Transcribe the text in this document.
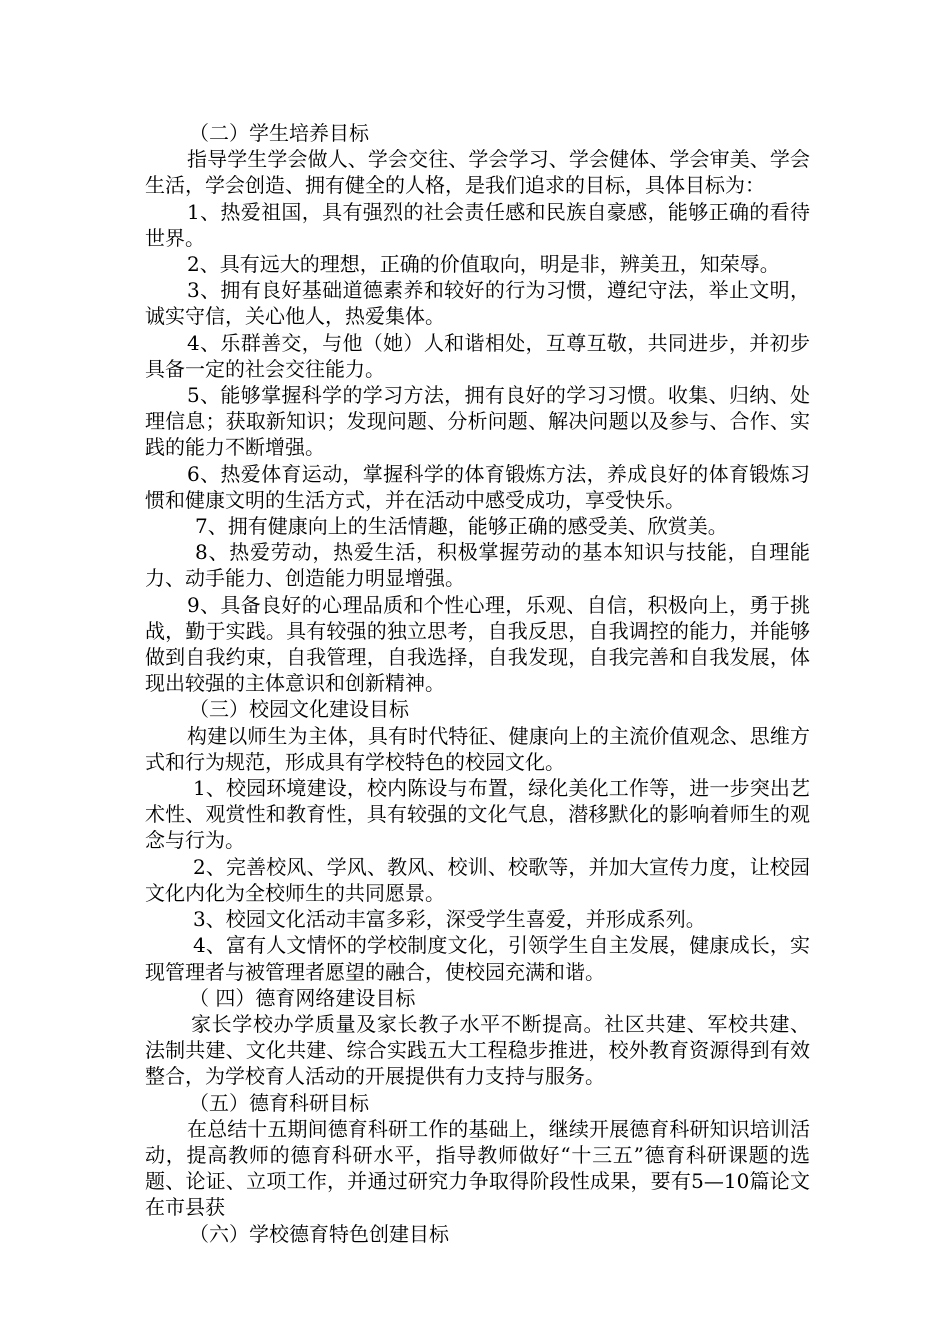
（二）学生培养目标

指导学生学会做人、学会交往、学会学习、学会健体、学会审美、学会生活，学会创造、拥有健全的人格，是我们追求的目标，具体目标为：

1、热爱祖国，具有强烈的社会责任感和民族自豪感，能够正确的看待世界。

2、具有远大的理想，正确的价值取向，明是非，辨美丑，知荣辱。

3、拥有良好基础道德素养和较好的行为习惯，遵纪守法，举止文明，诚实守信，关心他人，热爱集体。

4、乐群善交，与他（她）人和谐相处，互尊互敬，共同进步，并初步具备一定的社会交往能力。

5、能够掌握科学的学习方法，拥有良好的学习习惯。收集、归纳、处理信息；获取新知识；发现问题、分析问题、解决问题以及参与、合作、实践的能力不断增强。

6、热爱体育运动，掌握科学的体育锻炼方法，养成良好的体育锻炼习惯和健康文明的生活方式，并在活动中感受成功，享受快乐。

7、拥有健康向上的生活情趣，能够正确的感受美、欣赏美。

8、热爱劳动，热爱生活，积极掌握劳动的基本知识与技能，自理能力、动手能力、创造能力明显增强。

9、具备良好的心理品质和个性心理，乐观、自信，积极向上，勇于挑战，勤于实践。具有较强的独立思考，自我反思，自我调控的能力，并能够做到自我约束，自我管理，自我选择，自我发现，自我完善和自我发展，体现出较强的主体意识和创新精神。

（三）校园文化建设目标

构建以师生为主体，具有时代特征、健康向上的主流价值观念、思维方式和行为规范，形成具有学校特色的校园文化。

1、校园环境建设，校内陈设与布置，绿化美化工作等，进一步突出艺术性、观赏性和教育性，具有较强的文化气息，潜移默化的影响着师生的观念与行为。

2、完善校风、学风、教风、校训、校歌等，并加大宣传力度，让校园文化内化为全校师生的共同愿景。

3、校园文化活动丰富多彩，深受学生喜爱，并形成系列。

4、富有人文情怀的学校制度文化，引领学生自主发展，健康成长，实现管理者与被管理者愿望的融合，使校园充满和谐。

（ 四）德育网络建设目标

家长学校办学质量及家长教子水平不断提高。社区共建、军校共建、法制共建、文化共建、综合实践五大工程稳步推进，校外教育资源得到有效整合，为学校育人活动的开展提供有力支持与服务。

（五）德育科研目标

在总结十五期间德育科研工作的基础上，继续开展德育科研知识培训活动，提高教师的德育科研水平，指导教师做好“十三五”德育科研课题的选题、论证、立项工作，并通过研究力争取得阶段性成果，要有5—10篇论文在市县获

（六）学校德育特色创建目标
